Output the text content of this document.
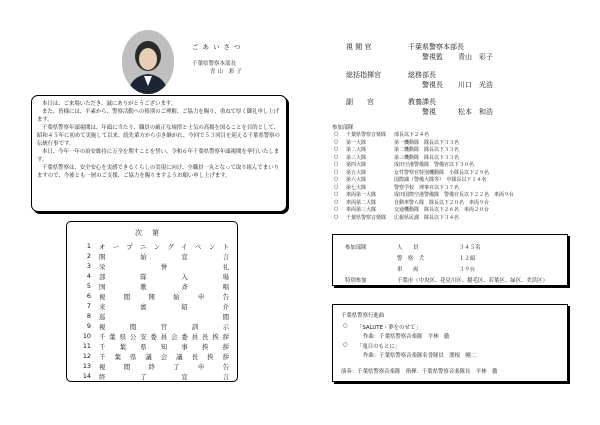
ごあいさつ
千葉県警察本部長
青山 彩子

本日は、ご来場いただき、誠にありがとうございます。

また、皆様には、平素から、警察活動への格別のご理解、ご協力を賜り、重ねて厚く御礼申し上げます。

千葉県警察年頭視閲は、年頭に当たり、職員の厳正な規律と士気の高揚を図ることを目的として、昭和４５年に初めて実施して以来、続先輩方から引き継がれ、今回で５３回目を迎える千葉県警察の伝統行事です。

本日、今年一年の治安維持に万全を期すことを誓い、令和６年千葉県警察年頭視閲を挙行いたします。

千葉県警察は、安全安心を実感できるくらしの実現に向け、全職員一丸となって取り組んでまいりますので、今後とも一層のご支援、ご協力を賜りますようお願い申し上げます。

次第
1	オープニングイベント
2	開始宣言
3	栄誉礼
4	部隊入場
5	国歌斉唱
6	視閲開始申告
7	来賓紹介
8	巡閲
9	視閲官訓示
10	千葉県公安委員会委員長挨拶
11	千葉県知事挨拶
12	千葉県議会議長挨拶
13	視閲終了申告
14	終了宣言
視 閲 官	千葉県警察本部長
警視監 青山　彩子
総括指揮官	総務部長
警視長 川口　光浩
副　　官	教養課長
警視	松本　和浩
参加部隊
○	千葉県警察音楽隊	部長以下２４名
○	第一大隊	第一機動隊　隊長以下３３名
○	第二大隊	第二機動隊　隊長以下３３名
○	第三大隊	第三機動隊　隊長以下３３名
○	第四大隊	成田空港警備隊　警備官以下３０名
○	第五大隊	女性警察官特別機動隊　小隊長以下２９名
○	第六大隊	国際課（警備大隊等）　中隊長以下１４名
○	第七大隊	警察学校　理事官以下３７名
○	車両第一大隊	成田国際空港警備隊　警備官長以下２２名　車両９台
○	車両第二大隊	自動車警ら隊　隊長以下２０名　車両９台
○	車両第三大隊	交通機動隊　隊長以下２６名　車両２０台
○	千葉県警察音楽隊	広報県民課　隊長以下３４名
参加部隊	人　　員	３４５名
警　察　犬	１２頭
車　　両	３９台
特別参加	千葉市（中央区、花見川区、稲毛区、若葉区、緑区、美浜区）
千葉県警察行進曲
○ 「SALUTE・夢をのせて」
作曲：千葉県警察音楽隊　平林　徹
○ 「鬼日のもとに」
作曲：千葉県警察音楽隊名誉隊員　関根　剛二
演奏：千葉県警察音楽隊　指揮：千葉県警察音楽隊長　平林　徹
